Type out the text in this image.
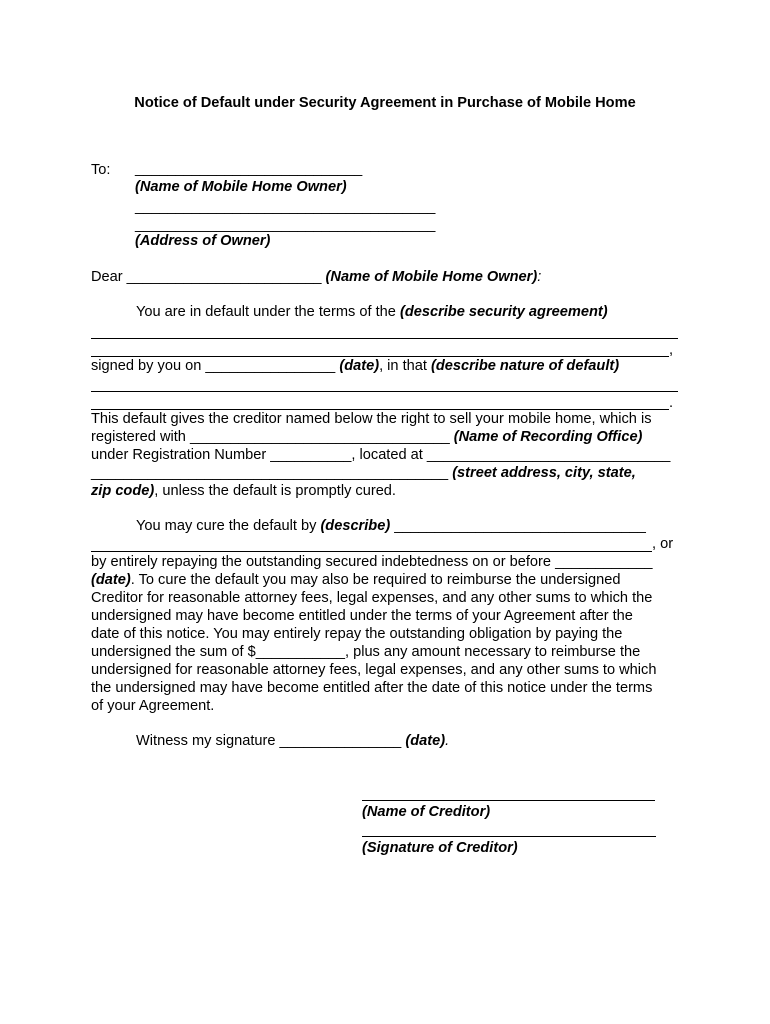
Notice of Default under Security Agreement in Purchase of Mobile Home
To: ____________________________
(Name of Mobile Home Owner)
_____________________________________
_____________________________________
(Address of Owner)
Dear ________________________ (Name of Mobile Home Owner):
You are in default under the terms of the (describe security agreement)
,
signed by you on ________________ (date), in that (describe nature of default)
.
This default gives the creditor named below the right to sell your mobile home, which is
registered with ________________________________ (Name of Recording Office)
under Registration Number __________, located at ______________________________
____________________________________________ (street address, city, state,
zip code), unless the default is promptly cured.
You may cure the default by (describe) _______________________________
, or
by entirely repaying the outstanding secured indebtedness on or before ____________
(date). To cure the default you may also be required to reimburse the undersigned
Creditor for reasonable attorney fees, legal expenses, and any other sums to which the
undersigned may have become entitled under the terms of your Agreement after the
date of this notice. You may entirely repay the outstanding obligation by paying the
undersigned the sum of $___________, plus any amount necessary to reimburse the
undersigned for reasonable attorney fees, legal expenses, and any other sums to which
the undersigned may have become entitled after the date of this notice under the terms
of your Agreement.
Witness my signature _______________ (date).
(Name of Creditor)
(Signature of Creditor)
